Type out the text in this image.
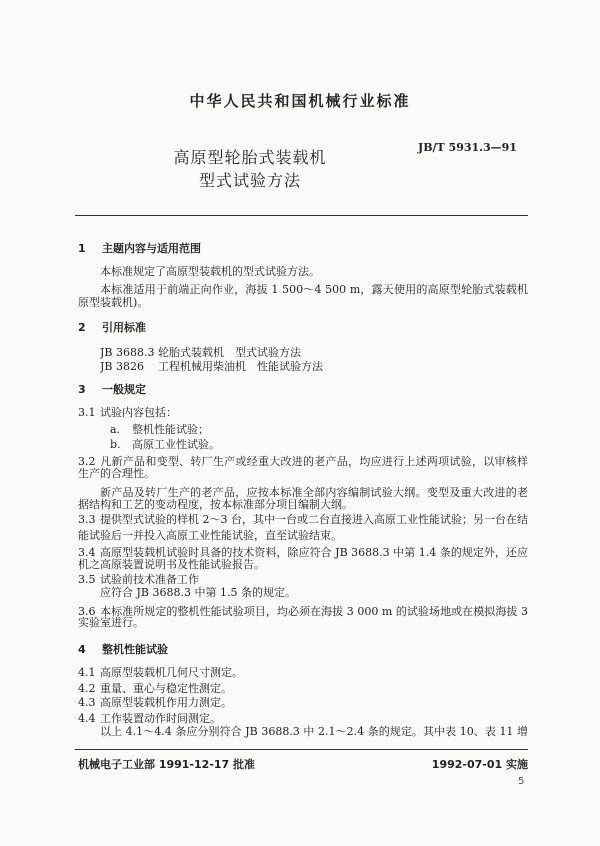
中华人民共和国机械行业标准
高原型轮胎式装载机
型式试验方法
JB/T 5931.3—91
1 主题内容与适用范围
本标准规定了高原型装载机的型式试验方法。
本标准适用于前端正向作业，海拔 1 500～4 500 m，露天使用的高原型轮胎式装载机
原型装载机)。
2 引用标准
JB 3688.3 轮胎式装载机　型式试验方法
JB 3826 工程机械用柴油机　性能试验方法
3 一般规定
3.1 试验内容包括：
a. 整机性能试验；
b. 高原工业性试验。
3.2 凡新产品和变型、转厂生产或经重大改进的老产品，均应进行上述两项试验，以审核样
生产的合理性。
新产品及转厂生产的老产品，应按本标准全部内容编制试验大纲。变型及重大改进的老
据结构和工艺的变动程度，按本标准部分项目编制大纲。
3.3 提供型式试验的样机 2～3 台，其中一台或二台直接进入高原工业性能试验；另一台在结
能试验后一并投入高原工业性能试验，直至试验结束。
3.4 高原型装载机试验时具备的技术资料，除应符合 JB 3688.3 中第 1.4 条的规定外，还应
机之高原装置说明书及性能试验报告。
3.5 试验前技术准备工作
应符合 JB 3688.3 中第 1.5 条的规定。
3.6 本标准所规定的整机性能试验项目，均必须在海拔 3 000 m 的试验场地或在模拟海拔 3
实验室进行。
4 整机性能试验
4.1 高原型装载机几何尺寸测定。
4.2 重量、重心与稳定性测定。
4.3 高原型装载机作用力测定。
4.4 工作装置动作时间测定。
以上 4.1～4.4 条应分别符合 JB 3688.3 中 2.1～2.4 条的规定。其中表 10、表 11 增
机械电子工业部 1991-12-17 批准	1992-07-01 实施
5
